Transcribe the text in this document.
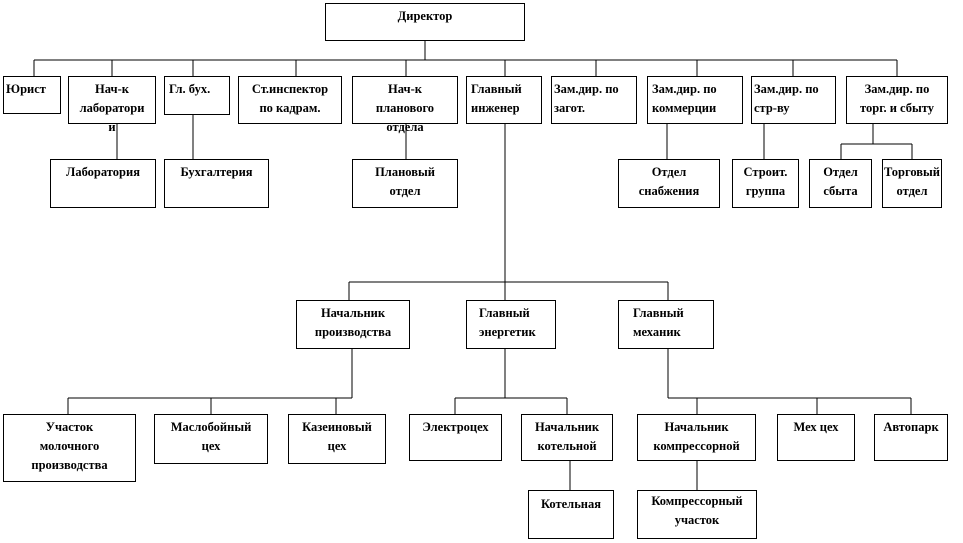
Директор
Юрист	Нач-к
лаборатори
и
Гл. бух.	Ст.инспектор
по кадрам.
Нач-к
планового
отдела
Главный
инженер
Зам.дир. по
загот.
Зам.дир. по
коммерции
Зам.дир. по
стр-ву
Зам.дир. по
торг. и сбыту
Лаборатория	Бухгалтерия	Плановый
отдел
Отдел
снабжения
Строит.
группа
Отдел
сбыта
Торговый
отдел
Начальник
производства
Главный
энергетик
Главный
механик
Участок
молочного
производства
Маслобойный
цех
Казеиновый
цех
Электроцех	Начальник
котельной
Начальник
компрессорной
Мех цех	Автопарк
Котельная	Компрессорный
участок
